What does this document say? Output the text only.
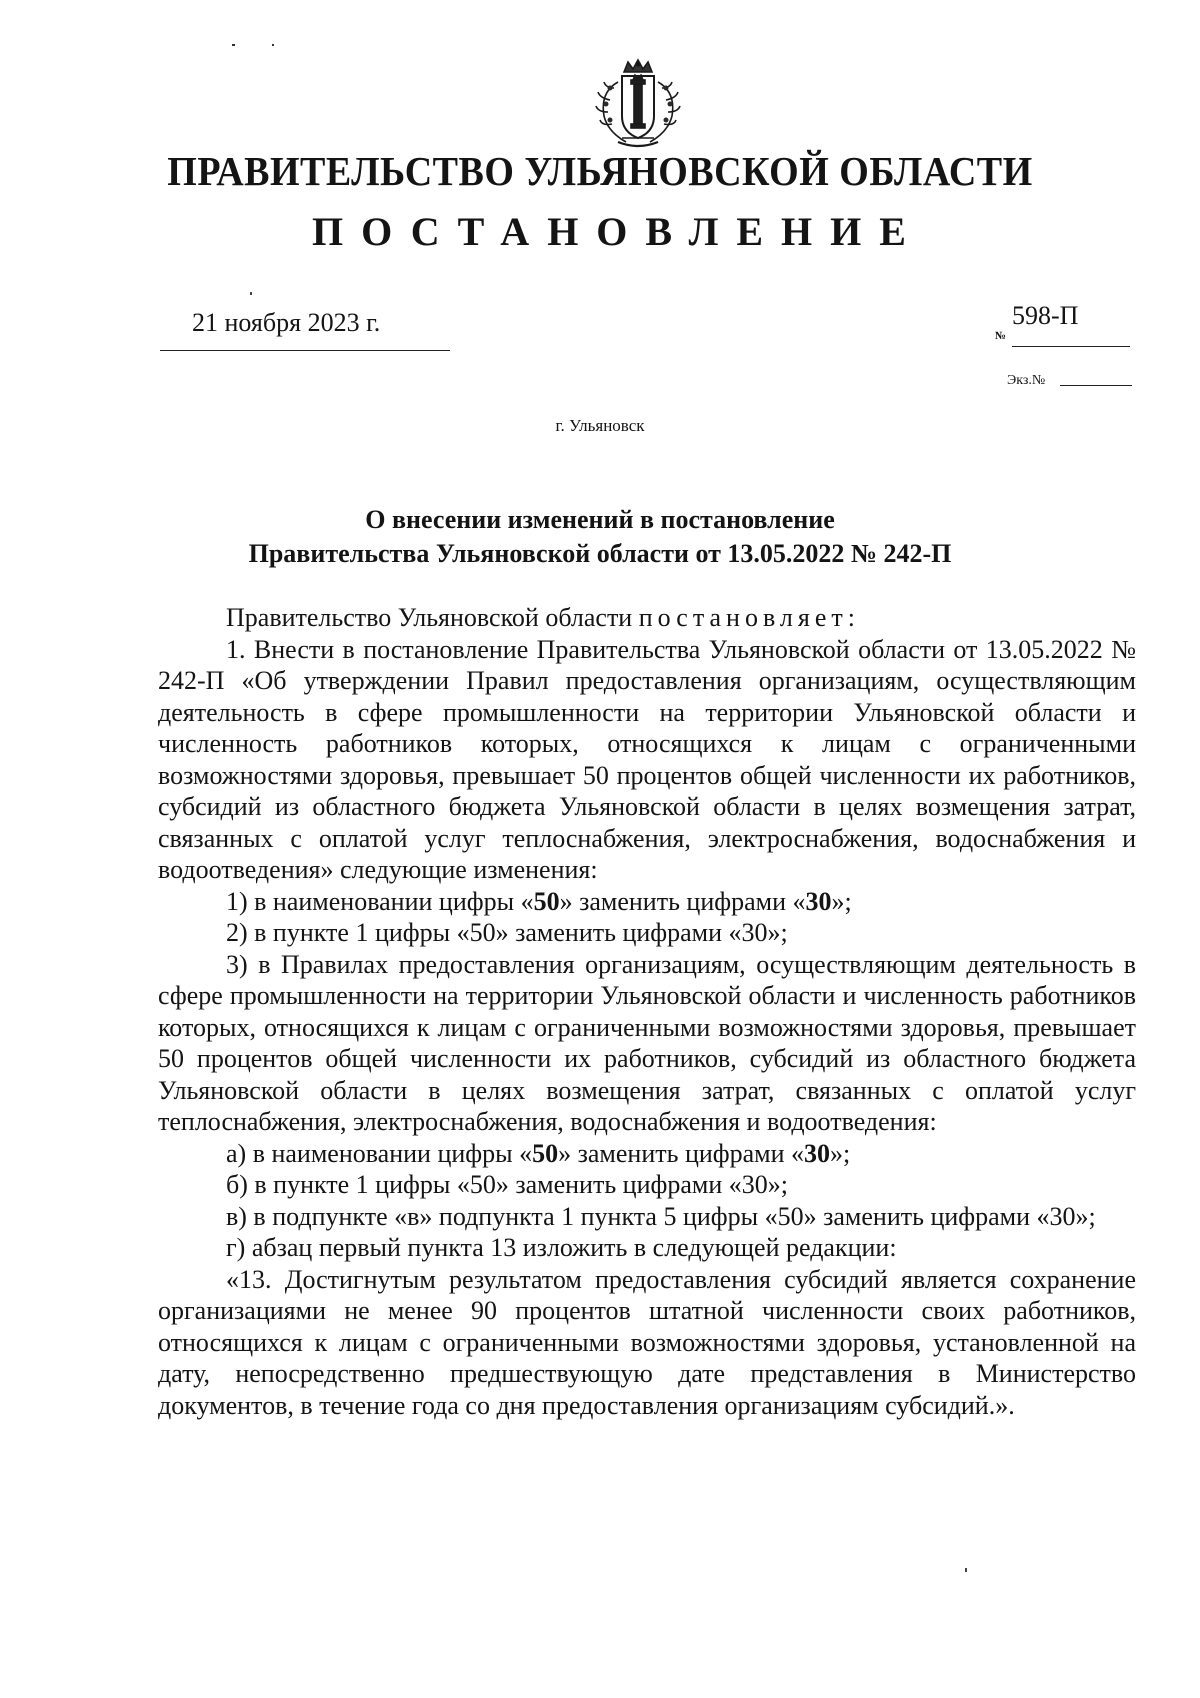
ПРАВИТЕЛЬСТВО УЛЬЯНОВСКОЙ ОБЛАСТИ
ПОСТАНОВЛЕНИЕ
21 ноября 2023 г.	№
598-П
Экз.№
г. Ульяновск
О внесении изменений в постановление
Правительства Ульяновской области от 13.05.2022 № 242-П

Правительство Ульяновской области постановляет:

1. Внести в постановление Правительства Ульяновской области от 13.05.2022 № 242-П «Об утверждении Правил предоставления организациям, осуществляющим деятельность в сфере промышленности на территории Ульяновской области и численность работников которых, относящихся к лицам с ограниченными возможностями здоровья, превышает 50 процентов общей численности их работников, субсидий из областного бюджета Ульяновской области в целях возмещения затрат, связанных с оплатой услуг теплоснабжения, электроснабжения, водоснабжения и водоотведения» следующие изменения:

1) в наименовании цифры «50» заменить цифрами «30»;

2) в пункте 1 цифры «50» заменить цифрами «30»;

3) в Правилах предоставления организациям, осуществляющим деятельность в сфере промышленности на территории Ульяновской области и численность работников которых, относящихся к лицам с ограниченными возможностями здоровья, превышает 50 процентов общей численности их работников, субсидий из областного бюджета Ульяновской области в целях возмещения затрат, связанных с оплатой услуг теплоснабжения, электроснабжения, водоснабжения и водоотведения:

а) в наименовании цифры «50» заменить цифрами «30»;

б) в пункте 1 цифры «50» заменить цифрами «30»;

в) в подпункте «в» подпункта 1 пункта 5 цифры «50» заменить цифрами «30»;

г) абзац первый пункта 13 изложить в следующей редакции:

«13. Достигнутым результатом предоставления субсидий является сохранение организациями не менее 90 процентов штатной численности своих работников, относящихся к лицам с ограниченными возможностями здоровья, установленной на дату, непосредственно предшествующую дате представления в Министерство документов, в течение года со дня предоставления организациям субсидий.».
